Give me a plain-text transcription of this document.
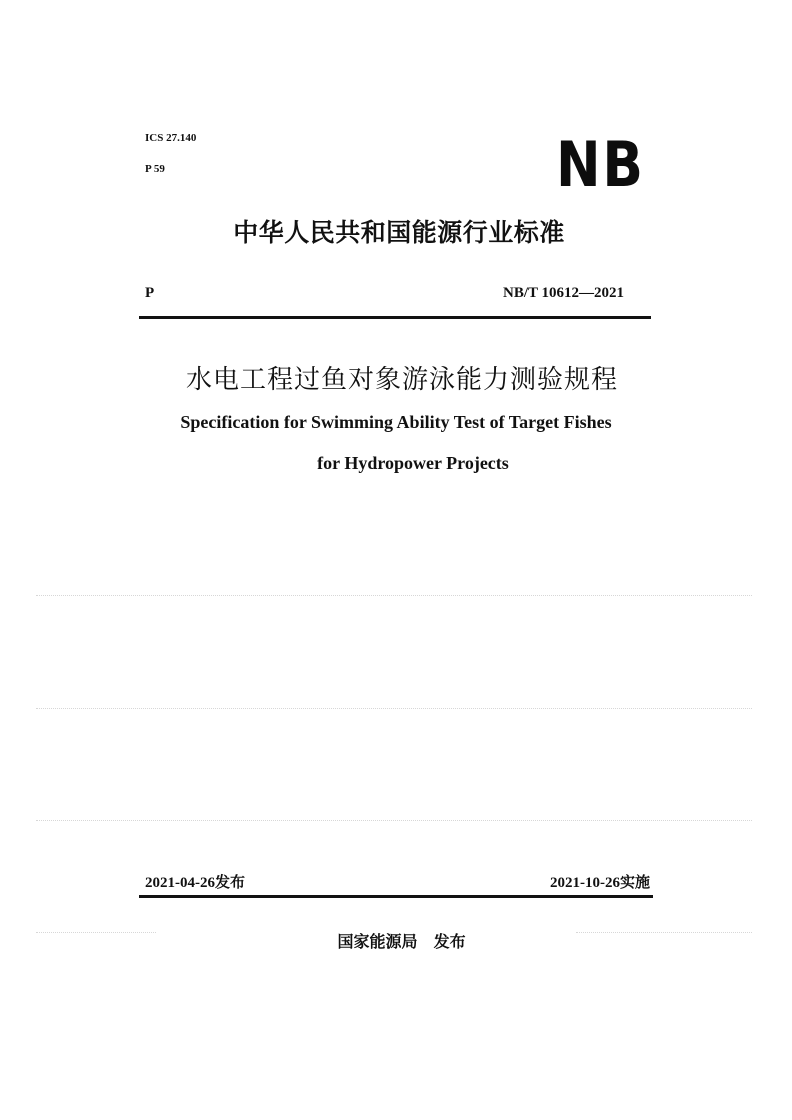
ICS 27.140
P 59	NB
中华人民共和国能源行业标准
P	NB/T 10612—2021
水电工程过鱼对象游泳能力测验规程
Specification for Swimming Ability Test of Target Fishes
for Hydropower Projects
2021-04-26发布	2021-10-26实施

国家能源局　 发布
